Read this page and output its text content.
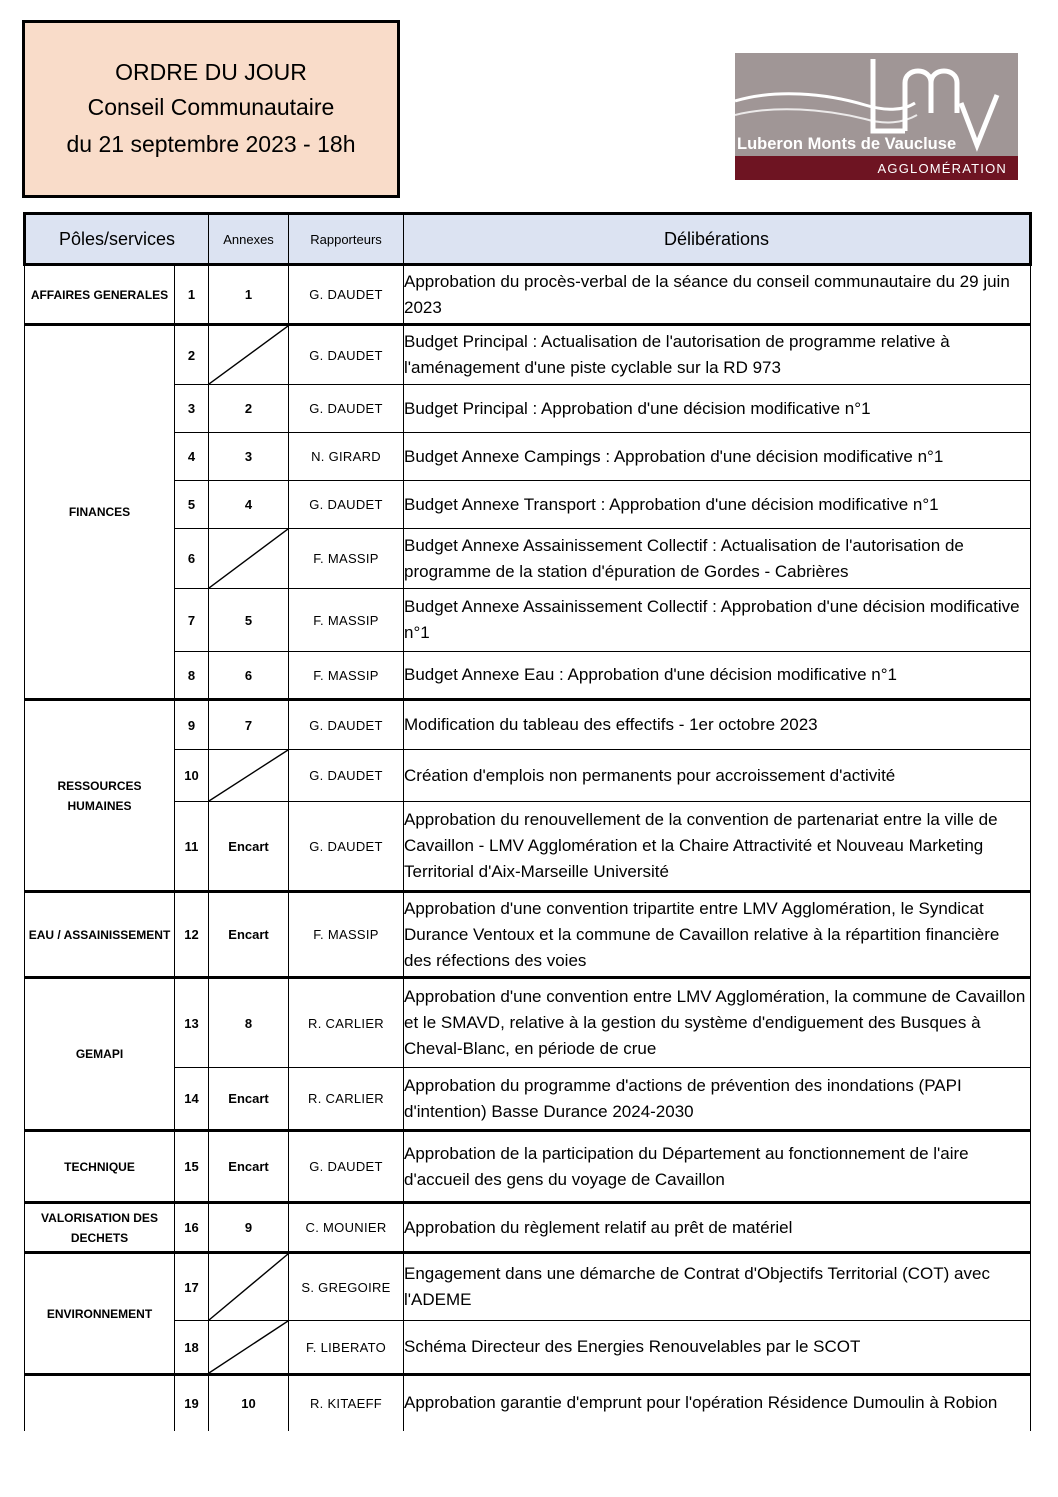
ORDRE DU JOUR
Conseil Communautaire
du 21 septembre 2023 - 18h	Luberon Monts de Vaucluse
AGGLOMÉRATION
Pôles/services		Annexes	Rapporteurs	Délibérations
AFFAIRES GENERALES	1	1	G. DAUDET	Approbation du procès-verbal de la séance du conseil communautaire du 29 juin 2023
FINANCES	2		G. DAUDET	Budget Principal : Actualisation de l'autorisation de programme relative à l'aménagement d'une piste cyclable sur la RD 973
	3	2	G. DAUDET	Budget Principal : Approbation d'une décision modificative n°1
	4	3	N. GIRARD	Budget Annexe Campings : Approbation d'une décision modificative n°1
	5	4	G. DAUDET	Budget Annexe Transport : Approbation d'une décision modificative n°1
	6		F. MASSIP	Budget Annexe Assainissement Collectif : Actualisation de l'autorisation de programme de la station d'épuration de Gordes - Cabrières
	7	5	F. MASSIP	Budget Annexe Assainissement Collectif : Approbation d'une décision modificative n°1
	8	6	F. MASSIP	Budget Annexe Eau : Approbation d'une décision modificative n°1
RESSOURCES HUMAINES	9	7	G. DAUDET	Modification du tableau des effectifs - 1er octobre 2023
	10		G. DAUDET	Création d'emplois non permanents pour accroissement d'activité
	11	Encart	G. DAUDET	Approbation du renouvellement de la convention de partenariat entre la ville de Cavaillon - LMV Agglomération et la Chaire Attractivité et Nouveau Marketing Territorial d'Aix-Marseille Université
EAU / ASSAINISSEMENT	12	Encart	F. MASSIP	Approbation d'une convention tripartite entre LMV Agglomération, le Syndicat Durance Ventoux et la commune de Cavaillon relative à la répartition financière des réfections des voies
GEMAPI	13	8	R. CARLIER	Approbation d'une convention entre LMV Agglomération, la commune de Cavaillon et le SMAVD, relative à la gestion du système d'endiguement des Busques à Cheval-Blanc, en période de crue
	14	Encart	R. CARLIER	Approbation du programme d'actions de prévention des inondations (PAPI d'intention) Basse Durance 2024-2030
TECHNIQUE	15	Encart	G. DAUDET	Approbation de la participation du Département au fonctionnement de l'aire d'accueil des gens du voyage de Cavaillon
VALORISATION DES DECHETS	16	9	C. MOUNIER	Approbation du règlement relatif au prêt de matériel
ENVIRONNEMENT	17		S. GREGOIRE	Engagement dans une démarche de Contrat d'Objectifs Territorial (COT) avec l'ADEME
	18		F. LIBERATO	Schéma Directeur des Energies Renouvelables par le SCOT
	19	10	R. KITAEFF	Approbation garantie d'emprunt pour l'opération Résidence Dumoulin à Robion
